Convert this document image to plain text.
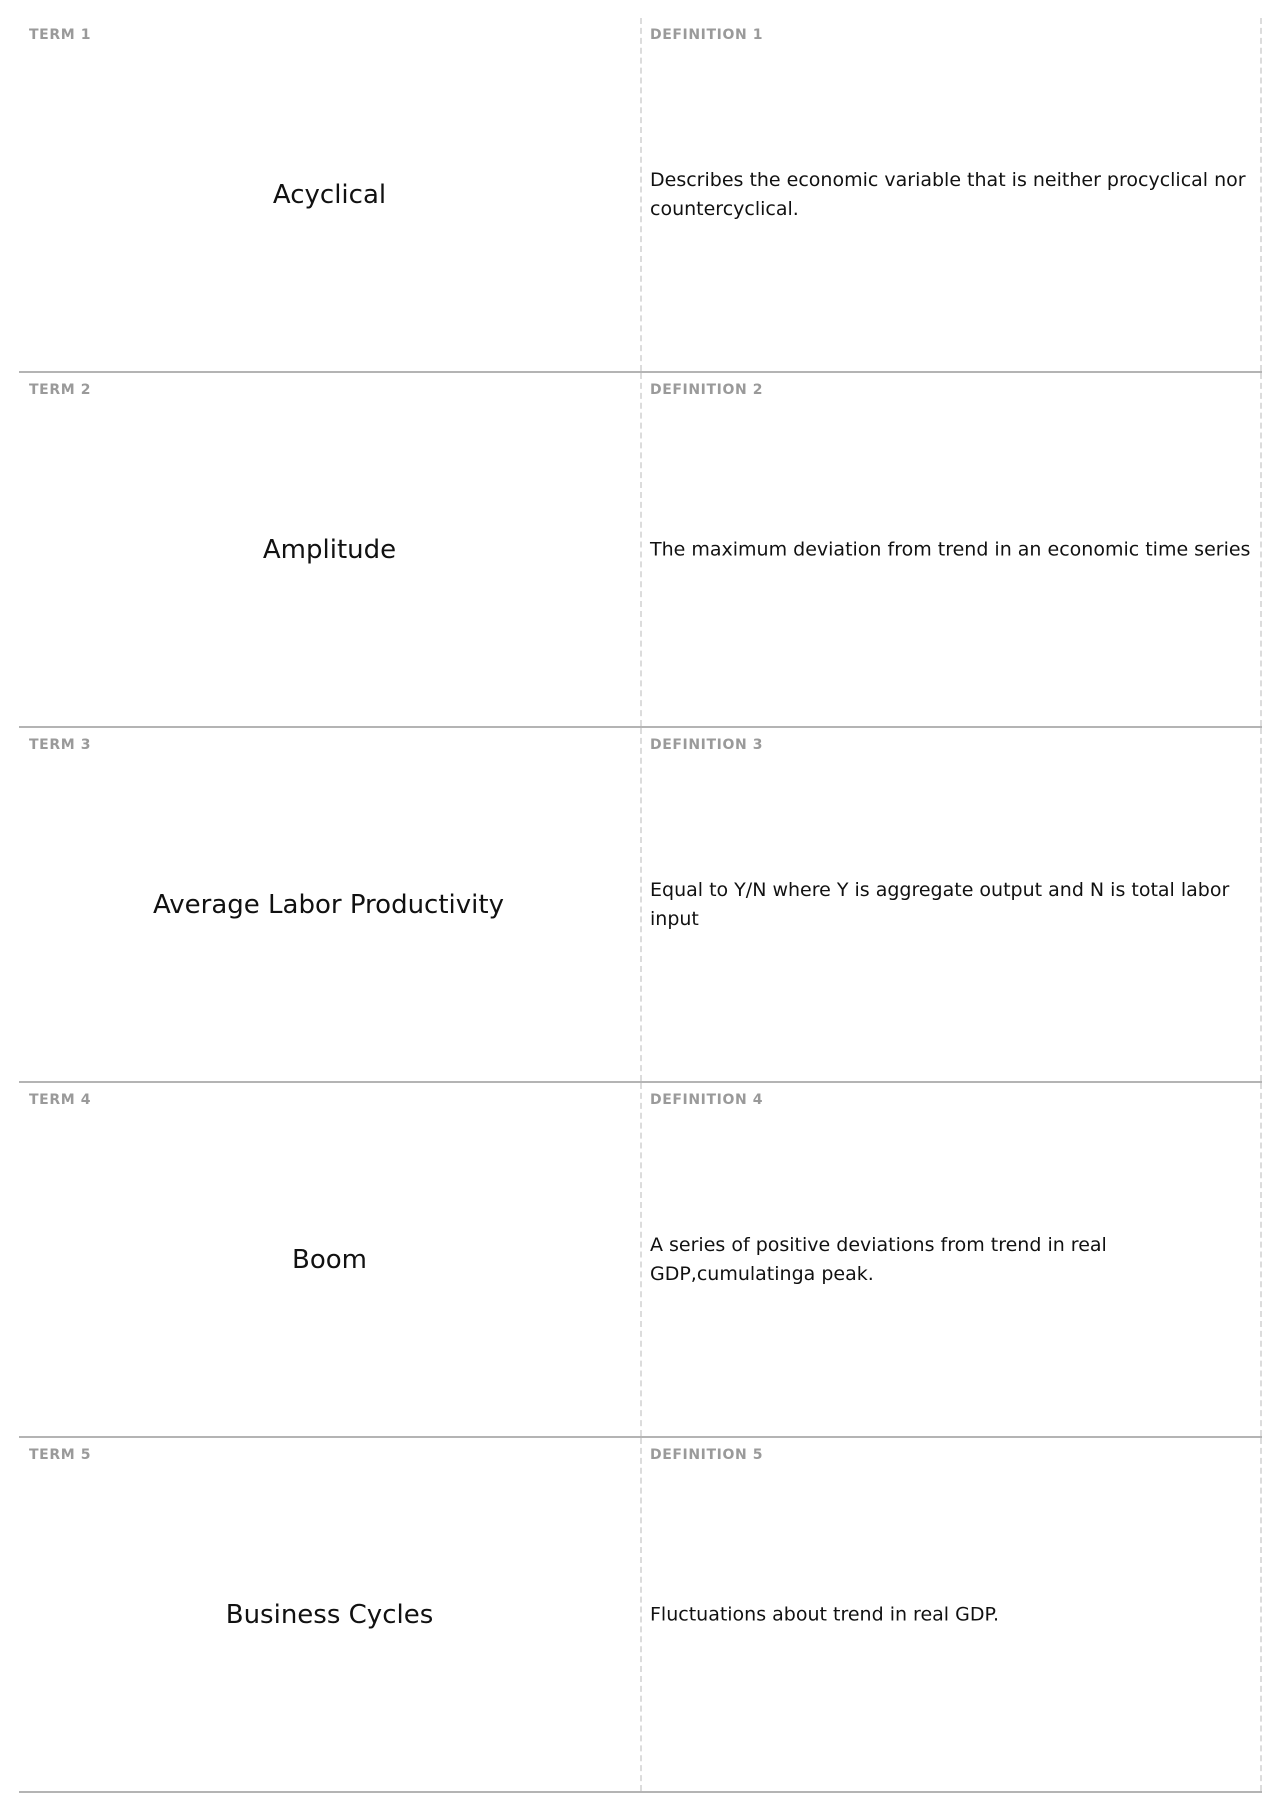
TERM 1
Acyclical
DEFINITION 1
Describes the economic variable that is neither procyclical nor countercyclical.
TERM 2
Amplitude
DEFINITION 2
The maximum deviation from trend in an economic time series
TERM 3
Average Labor Productivity
DEFINITION 3
Equal to Y/N where Y is aggregate output and N is total labor input
TERM 4
Boom
DEFINITION 4
A series of positive deviations from trend in real GDP,cumulatinga peak.
TERM 5
Business Cycles
DEFINITION 5
Fluctuations about trend in real GDP.
